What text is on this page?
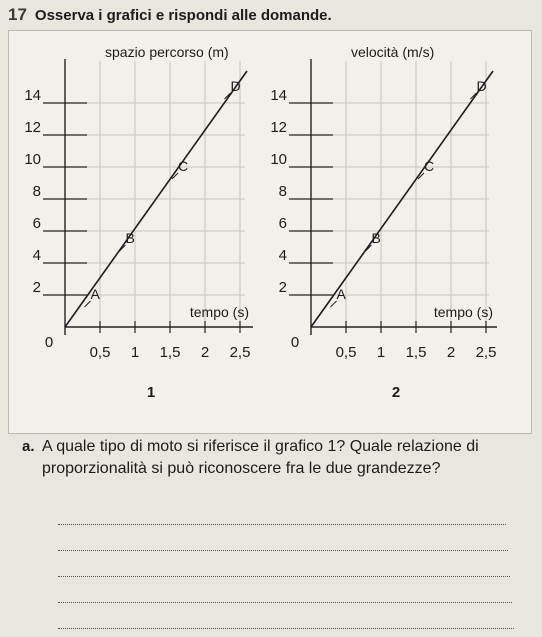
17 Osserva i grafici e rispondi alle domande.
2
4
6
8
10
12
14
0,5 1 1,5 2 2,5
0
spazio percorso (m)
tempo (s)
A
B
C
D
1
2
4
6
8
10
12
14
0,5 1 1,5 2 2,5
0
velocità (m/s)
tempo (s)
A
B
C
D
2
a. A quale tipo di moto si riferisce il grafico 1? Quale relazione di proporzionalità si può riconoscere fra le due grandezze?
